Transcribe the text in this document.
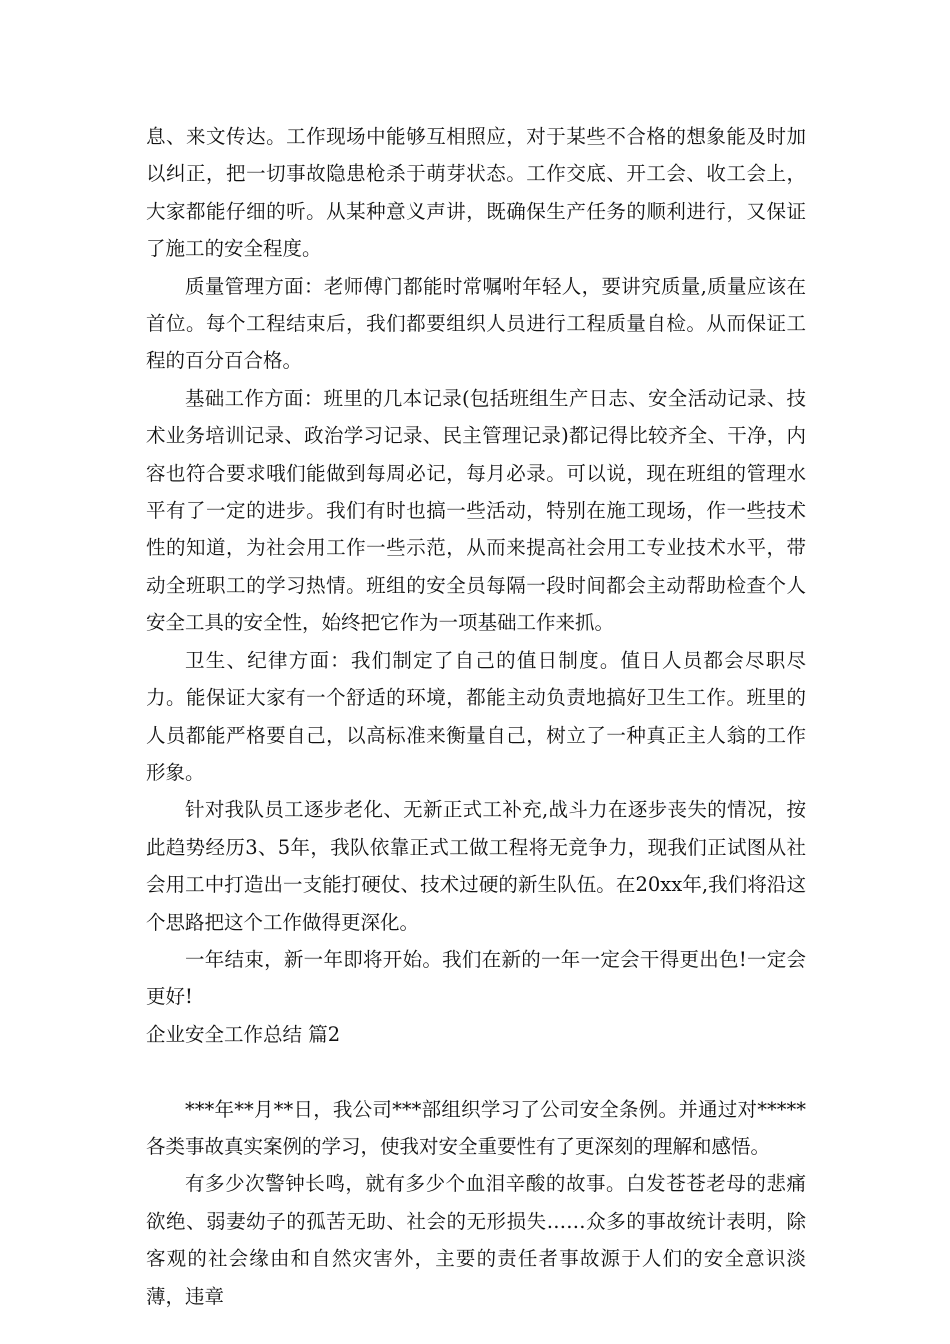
息、来文传达。工作现场中能够互相照应，对于某些不合格的想象能及时加以纠正，把一切事故隐患枪杀于萌芽状态。工作交底、开工会、收工会上，大家都能仔细的听。从某种意义声讲，既确保生产任务的顺利进行，又保证了施工的安全程度。

质量管理方面：老师傅门都能时常嘱咐年轻人，要讲究质量,质量应该在首位。每个工程结束后，我们都要组织人员进行工程质量自检。从而保证工程的百分百合格。

基础工作方面：班里的几本记录(包括班组生产日志、安全活动记录、技术业务培训记录、政治学习记录、民主管理记录)都记得比较齐全、干净，内容也符合要求哦们能做到每周必记，每月必录。可以说，现在班组的管理水平有了一定的进步。我们有时也搞一些活动，特别在施工现场，作一些技术性的知道，为社会用工作一些示范，从而来提高社会用工专业技术水平，带动全班职工的学习热情。班组的安全员每隔一段时间都会主动帮助检查个人安全工具的安全性，始终把它作为一项基础工作来抓。

卫生、纪律方面：我们制定了自己的值日制度。值日人员都会尽职尽力。能保证大家有一个舒适的环境，都能主动负责地搞好卫生工作。班里的人员都能严格要自己，以高标准来衡量自己，树立了一种真正主人翁的工作形象。

针对我队员工逐步老化、无新正式工补充,战斗力在逐步丧失的情况，按此趋势经历3、5年，我队依靠正式工做工程将无竞争力，现我们正试图从社会用工中打造出一支能打硬仗、技术过硬的新生队伍。在20xx年,我们将沿这个思路把这个工作做得更深化。

一年结束，新一年即将开始。我们在新的一年一定会干得更出色!一定会更好!

企业安全工作总结 篇2

***年**月**日，我公司***部组织学习了公司安全条例。并通过对*****各类事故真实案例的学习，使我对安全重要性有了更深刻的理解和感悟。

有多少次警钟长鸣，就有多少个血泪辛酸的故事。白发苍苍老母的悲痛欲绝、弱妻幼子的孤苦无助、社会的无形损失……众多的事故统计表明，除客观的社会缘由和自然灾害外，主要的责任者事故源于人们的安全意识淡薄，违章
